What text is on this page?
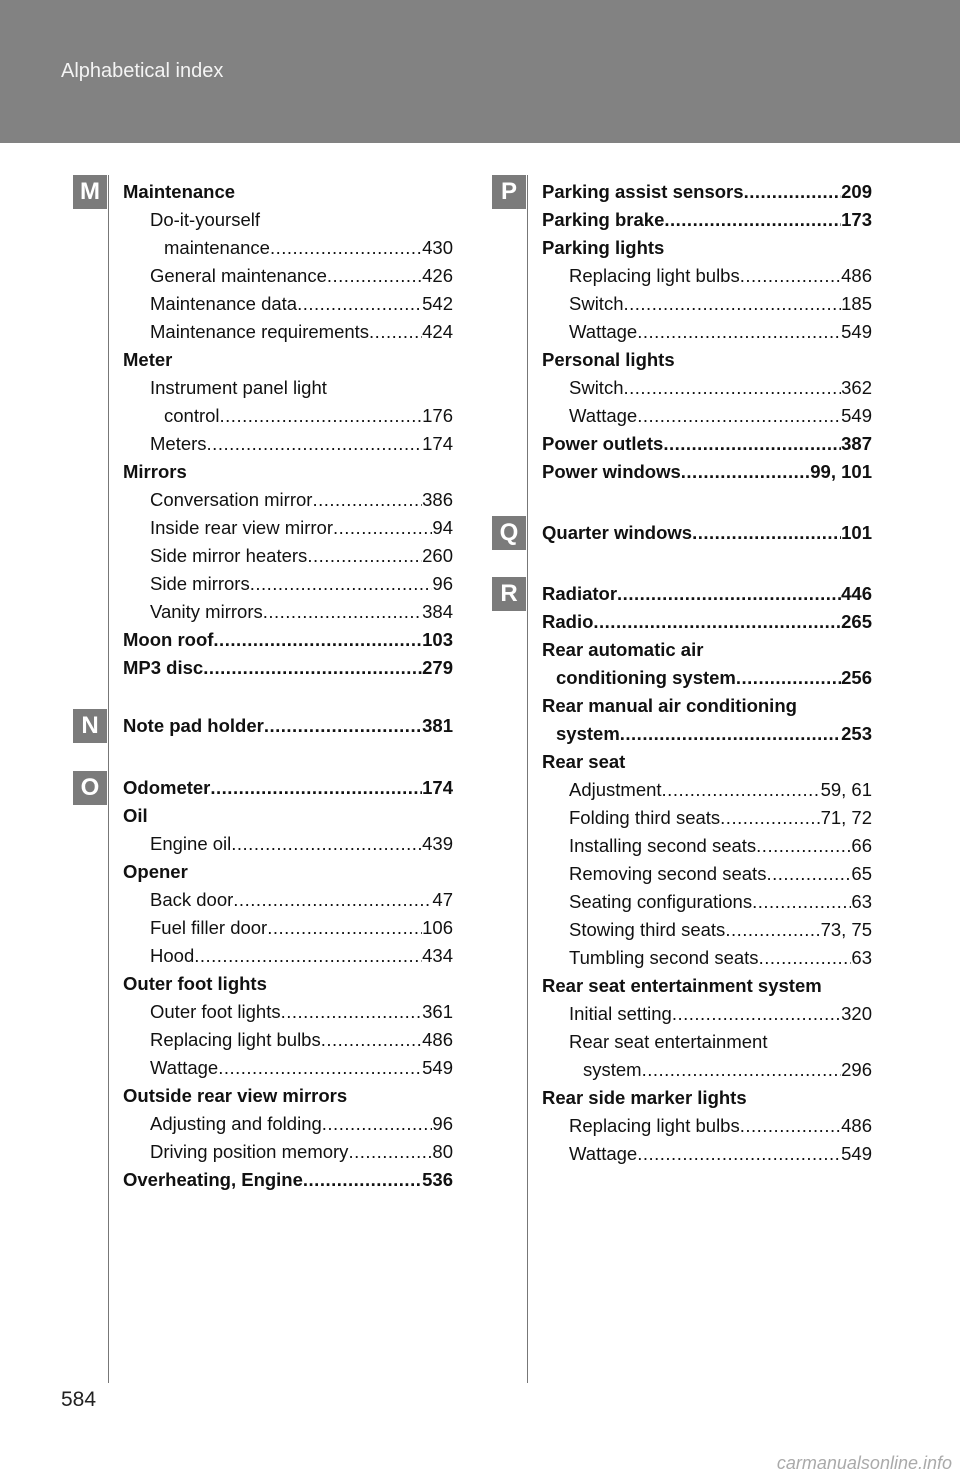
Alphabetical index
Maintenance
Do-it-yourself
maintenance .....	430
General maintenance .....	426
Maintenance data .....	542
Maintenance requirements .....	424
Meter
Instrument panel light
control .....	176
Meters .....	174
Mirrors
Conversation mirror .....	386
Inside rear view mirror .....	94
Side mirror heaters .....	260
Side mirrors .....	96
Vanity mirrors .....	384
Moon roof .....	103
MP3 disc .....	279
Note pad holder .....	381
Odometer .....	174
Oil
Engine oil .....	439
Opener
Back door .....	47
Fuel filler door .....	106
Hood .....	434
Outer foot lights
Outer foot lights .....	361
Replacing light bulbs .....	486
Wattage .....	549
Outside rear view mirrors
Adjusting and folding .....	96
Driving position memory .....	80
Overheating, Engine .....	536
Parking assist sensors .....	209
Parking brake .....	173
Parking lights
Replacing light bulbs .....	486
Switch .....	185
Wattage .....	549
Personal lights
Switch .....	362
Wattage .....	549
Power outlets .....	387
Power windows .....	99, 101
Quarter windows .....	101
Radiator .....	446
Radio .....	265
Rear automatic air
conditioning system .....	256
Rear manual air conditioning
system .....	253
Rear seat
Adjustment .....	59, 61
Folding third seats .....	71, 72
Installing second seats .....	66
Removing second seats .....	65
Seating configurations .....	63
Stowing third seats .....	73, 75
Tumbling second seats .....	63
Rear seat entertainment system
Initial setting .....	320
Rear seat entertainment
system .....	296
Rear side marker lights
Replacing light bulbs .....	486
Wattage .....	549
584
carmanualsonline.info
M
N
O
P
Q
R
